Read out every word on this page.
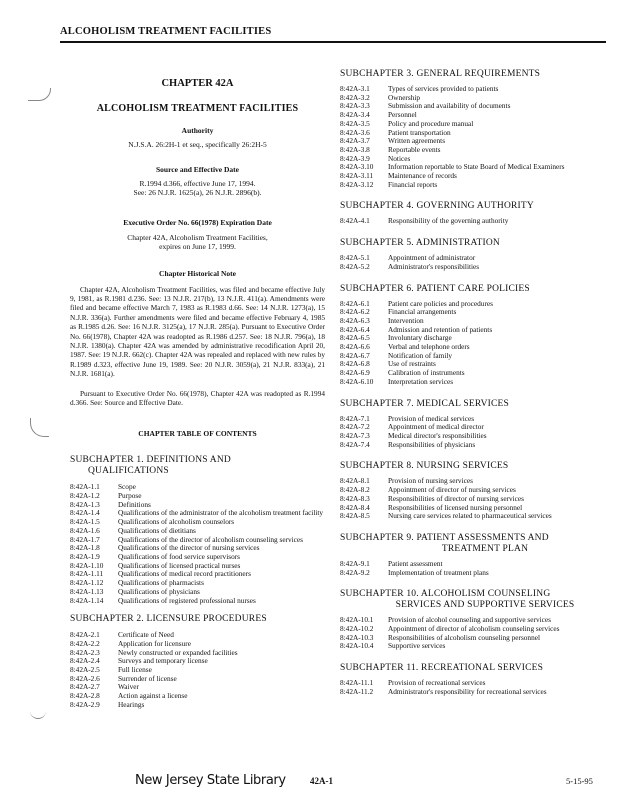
ALCOHOLISM TREATMENT FACILITIES
CHAPTER 42A
ALCOHOLISM TREATMENT FACILITIES
Authority
N.J.S.A. 26:2H-1 et seq., specifically 26:2H-5
Source and Effective Date
R.1994 d.366, effective June 17, 1994.
See: 26 N.J.R. 1625(a), 26 N.J.R. 2896(b).
Executive Order No. 66(1978) Expiration Date
Chapter 42A, Alcoholism Treatment Facilities,
expires on June 17, 1999.
Chapter Historical Note

Chapter 42A, Alcoholism Treatment Facilities, was filed and became effective July 9, 1981, as R.1981 d.236. See: 13 N.J.R. 217(b), 13 N.J.R. 411(a). Amendments were filed and became effective March 7, 1983 as R.1983 d.66. See: 14 N.J.R. 1273(a), 15 N.J.R. 336(a). Further amendments were filed and became effective February 4, 1985 as R.1985 d.26. See: 16 N.J.R. 3125(a), 17 N.J.R. 285(a). Pursuant to Executive Order No. 66(1978), Chapter 42A was readopted as R.1986 d.257. See: 18 N.J.R. 796(a), 18 N.J.R. 1380(a). Chapter 42A was amended by administrative recodification April 20, 1987. See: 19 N.J.R. 662(c). Chapter 42A was repealed and replaced with new rules by R.1989 d.323, effective June 19, 1989. See: 20 N.J.R. 3059(a), 21 N.J.R. 833(a), 21 N.J.R. 1681(a).

Pursuant to Executive Order No. 66(1978), Chapter 42A was readopted as R.1994 d.366. See: Source and Effective Date.

CHAPTER TABLE OF CONTENTS
SUBCHAPTER 1. DEFINITIONS AND
QUALIFICATIONS
8:42A-1.1	Scope
8:42A-1.2	Purpose
8:42A-1.3	Definitions
8:42A-1.4	Qualifications of the administrator of the alcoholism treatment facility
8:42A-1.5	Qualifications of alcoholism counselors
8:42A-1.6	Qualifications of dietitians
8:42A-1.7	Qualifications of the director of alcoholism counseling services
8:42A-1.8	Qualifications of the director of nursing services
8:42A-1.9	Qualifications of food service supervisors
8:42A-1.10	Qualifications of licensed practical nurses
8:42A-1.11	Qualifications of medical record practitioners
8:42A-1.12	Qualifications of pharmacists
8:42A-1.13	Qualifications of physicians
8:42A-1.14	Qualifications of registered professional nurses
SUBCHAPTER 2. LICENSURE PROCEDURES
8:42A-2.1	Certificate of Need
8:42A-2.2	Application for licensure
8:42A-2.3	Newly constructed or expanded facilities
8:42A-2.4	Surveys and temporary license
8:42A-2.5	Full license
8:42A-2.6	Surrender of license
8:42A-2.7	Waiver
8:42A-2.8	Action against a license
8:42A-2.9	Hearings
SUBCHAPTER 3. GENERAL REQUIREMENTS
8:42A-3.1	Types of services provided to patients
8:42A-3.2	Ownership
8:42A-3.3	Submission and availability of documents
8:42A-3.4	Personnel
8:42A-3.5	Policy and procedure manual
8:42A-3.6	Patient transportation
8:42A-3.7	Written agreements
8:42A-3.8	Reportable events
8:42A-3.9	Notices
8:42A-3.10	Information reportable to State Board of Medical Examiners
8:42A-3.11	Maintenance of records
8:42A-3.12	Financial reports
SUBCHAPTER 4. GOVERNING AUTHORITY
8:42A-4.1	Responsibility of the governing authority
SUBCHAPTER 5. ADMINISTRATION
8:42A-5.1	Appointment of administrator
8:42A-5.2	Administrator's responsibilities
SUBCHAPTER 6. PATIENT CARE POLICIES
8:42A-6.1	Patient care policies and procedures
8:42A-6.2	Financial arrangements
8:42A-6.3	Intervention
8:42A-6.4	Admission and retention of patients
8:42A-6.5	Involuntary discharge
8:42A-6.6	Verbal and telephone orders
8:42A-6.7	Notification of family
8:42A-6.8	Use of restraints
8:42A-6.9	Calibration of instruments
8:42A-6.10	Interpretation services
SUBCHAPTER 7. MEDICAL SERVICES
8:42A-7.1	Provision of medical services
8:42A-7.2	Appointment of medical director
8:42A-7.3	Medical director's responsibilities
8:42A-7.4	Responsibilities of physicians
SUBCHAPTER 8. NURSING SERVICES
8:42A-8.1	Provision of nursing services
8:42A-8.2	Appointment of director of nursing services
8:42A-8.3	Responsibilities of director of nursing services
8:42A-8.4	Responsibilities of licensed nursing personnel
8:42A-8.5	Nursing care services related to pharmaceutical services
SUBCHAPTER 9. PATIENT ASSESSMENTS AND
TREATMENT PLAN
8:42A-9.1	Patient assessment
8:42A-9.2	Implementation of treatment plans
SUBCHAPTER 10. ALCOHOLISM COUNSELING
SERVICES AND SUPPORTIVE SERVICES
8:42A-10.1	Provision of alcohol counseling and supportive services
8:42A-10.2	Appointment of director of alcoholism counseling services
8:42A-10.3	Responsibilities of alcoholism counseling personnel
8:42A-10.4	Supportive services
SUBCHAPTER 11. RECREATIONAL SERVICES
8:42A-11.1	Provision of recreational services
8:42A-11.2	Administrator's responsibility for recreational services
New Jersey State Library	42A-1	5-15-95
